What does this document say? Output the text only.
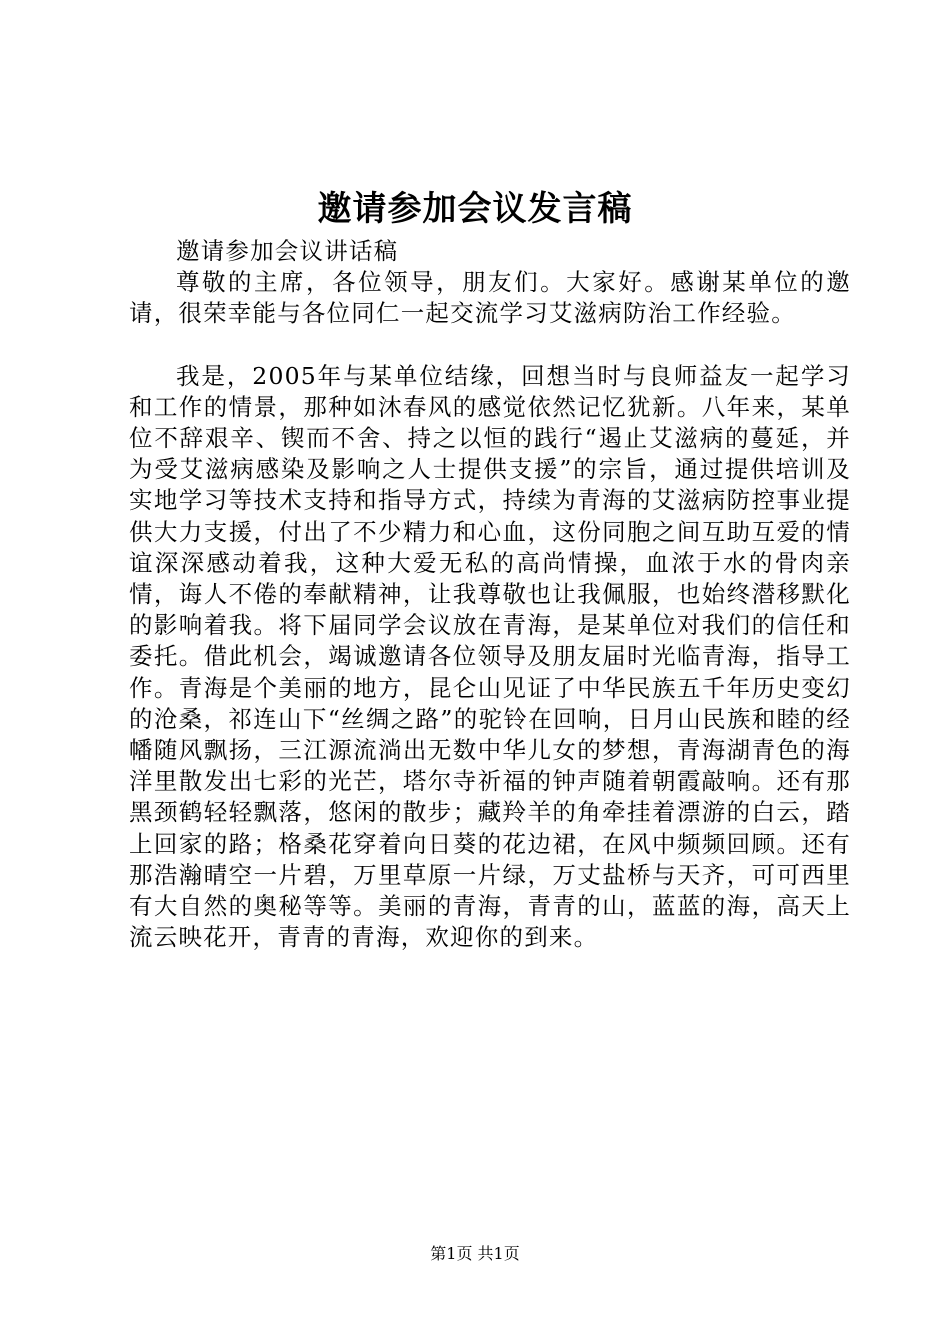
邀请参加会议发言稿

邀请参加会议讲话稿

尊敬的主席，各位领导，朋友们。大家好。感谢某单位的邀请，很荣幸能与各位同仁一起交流学习艾滋病防治工作经验。

我是，2005年与某单位结缘，回想当时与良师益友一起学习和工作的情景，那种如沐春风的感觉依然记忆犹新。八年来，某单位不辞艰辛、锲而不舍、持之以恒的践行“遏止艾滋病的蔓延，并为受艾滋病感染及影响之人士提供支援”的宗旨，通过提供培训及实地学习等技术支持和指导方式，持续为青海的艾滋病防控事业提供大力支援，付出了不少精力和心血，这份同胞之间互助互爱的情谊深深感动着我，这种大爱无私的高尚情操，血浓于水的骨肉亲情，诲人不倦的奉献精神，让我尊敬也让我佩服，也始终潜移默化的影响着我。将下届同学会议放在青海，是某单位对我们的信任和委托。借此机会，竭诚邀请各位领导及朋友届时光临青海，指导工作。青海是个美丽的地方，昆仑山见证了中华民族五千年历史变幻的沧桑，祁连山下“丝绸之路”的驼铃在回响，日月山民族和睦的经幡随风飘扬，三江源流淌出无数中华儿女的梦想，青海湖青色的海洋里散发出七彩的光芒，塔尔寺祈福的钟声随着朝霞敲响。还有那黑颈鹤轻轻飘落，悠闲的散步；藏羚羊的角牵挂着漂游的白云，踏上回家的路；格桑花穿着向日葵的花边裙，在风中频频回顾。还有那浩瀚晴空一片碧，万里草原一片绿，万丈盐桥与天齐，可可西里有大自然的奥秘等等。美丽的青海，青青的山，蓝蓝的海，高天上流云映花开，青青的青海，欢迎你的到来。

第1页 共1页
